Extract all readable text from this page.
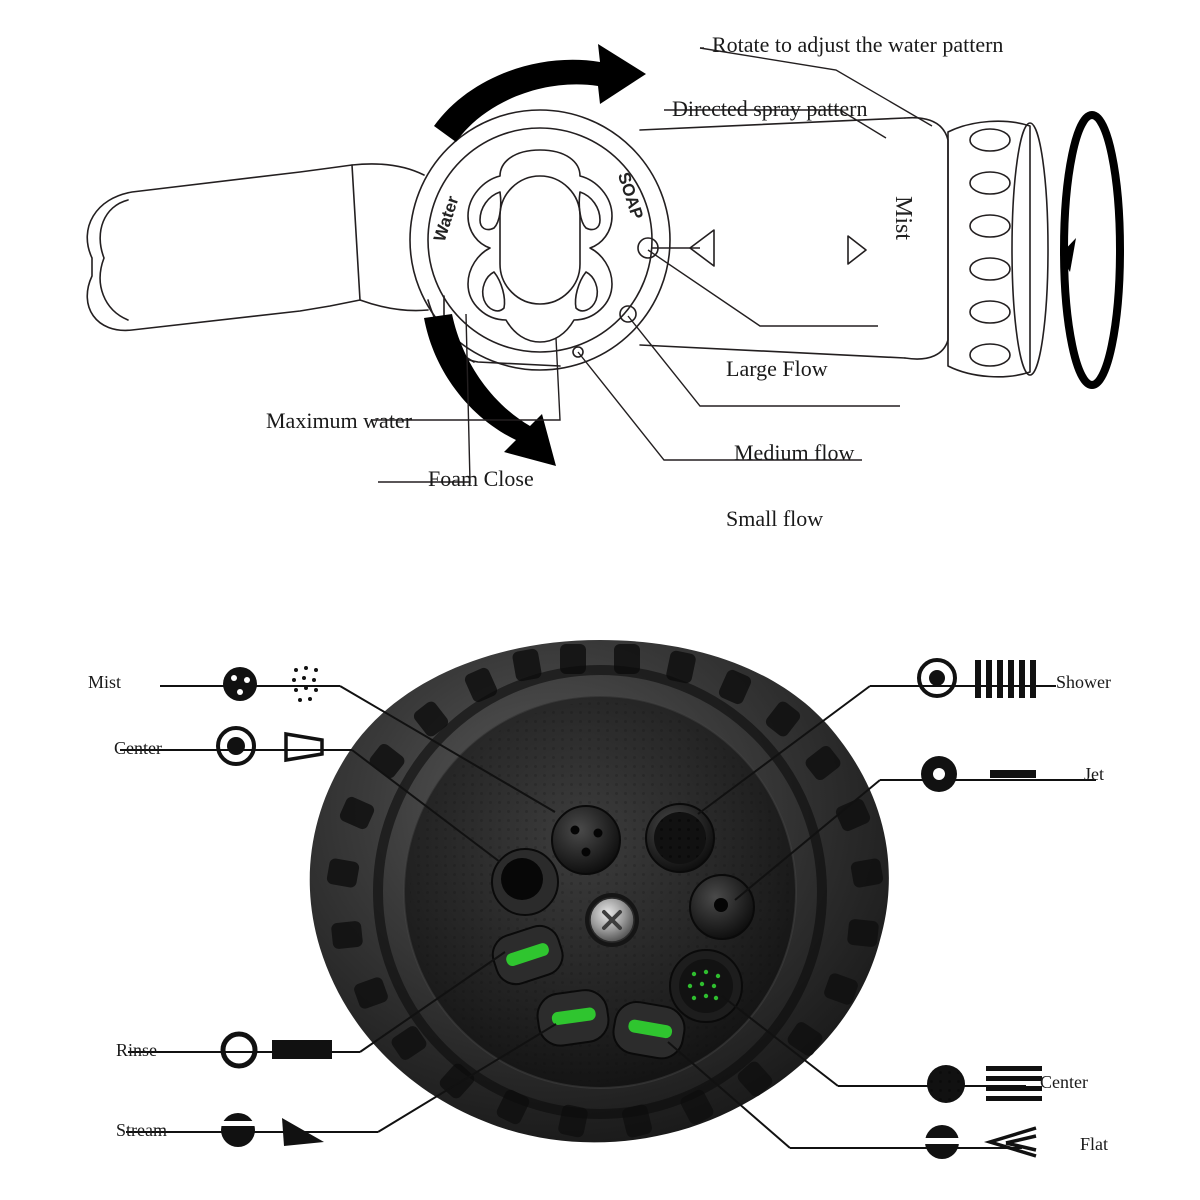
Rotate to adjust the water pattern
Directed spray pattern
Mist
Large Flow
Medium flow
Small flow
Foam Close
Maximum water
SOAP
Water
Mist
Center
Rinse
Stream
Shower
Jet
Center
Flat
